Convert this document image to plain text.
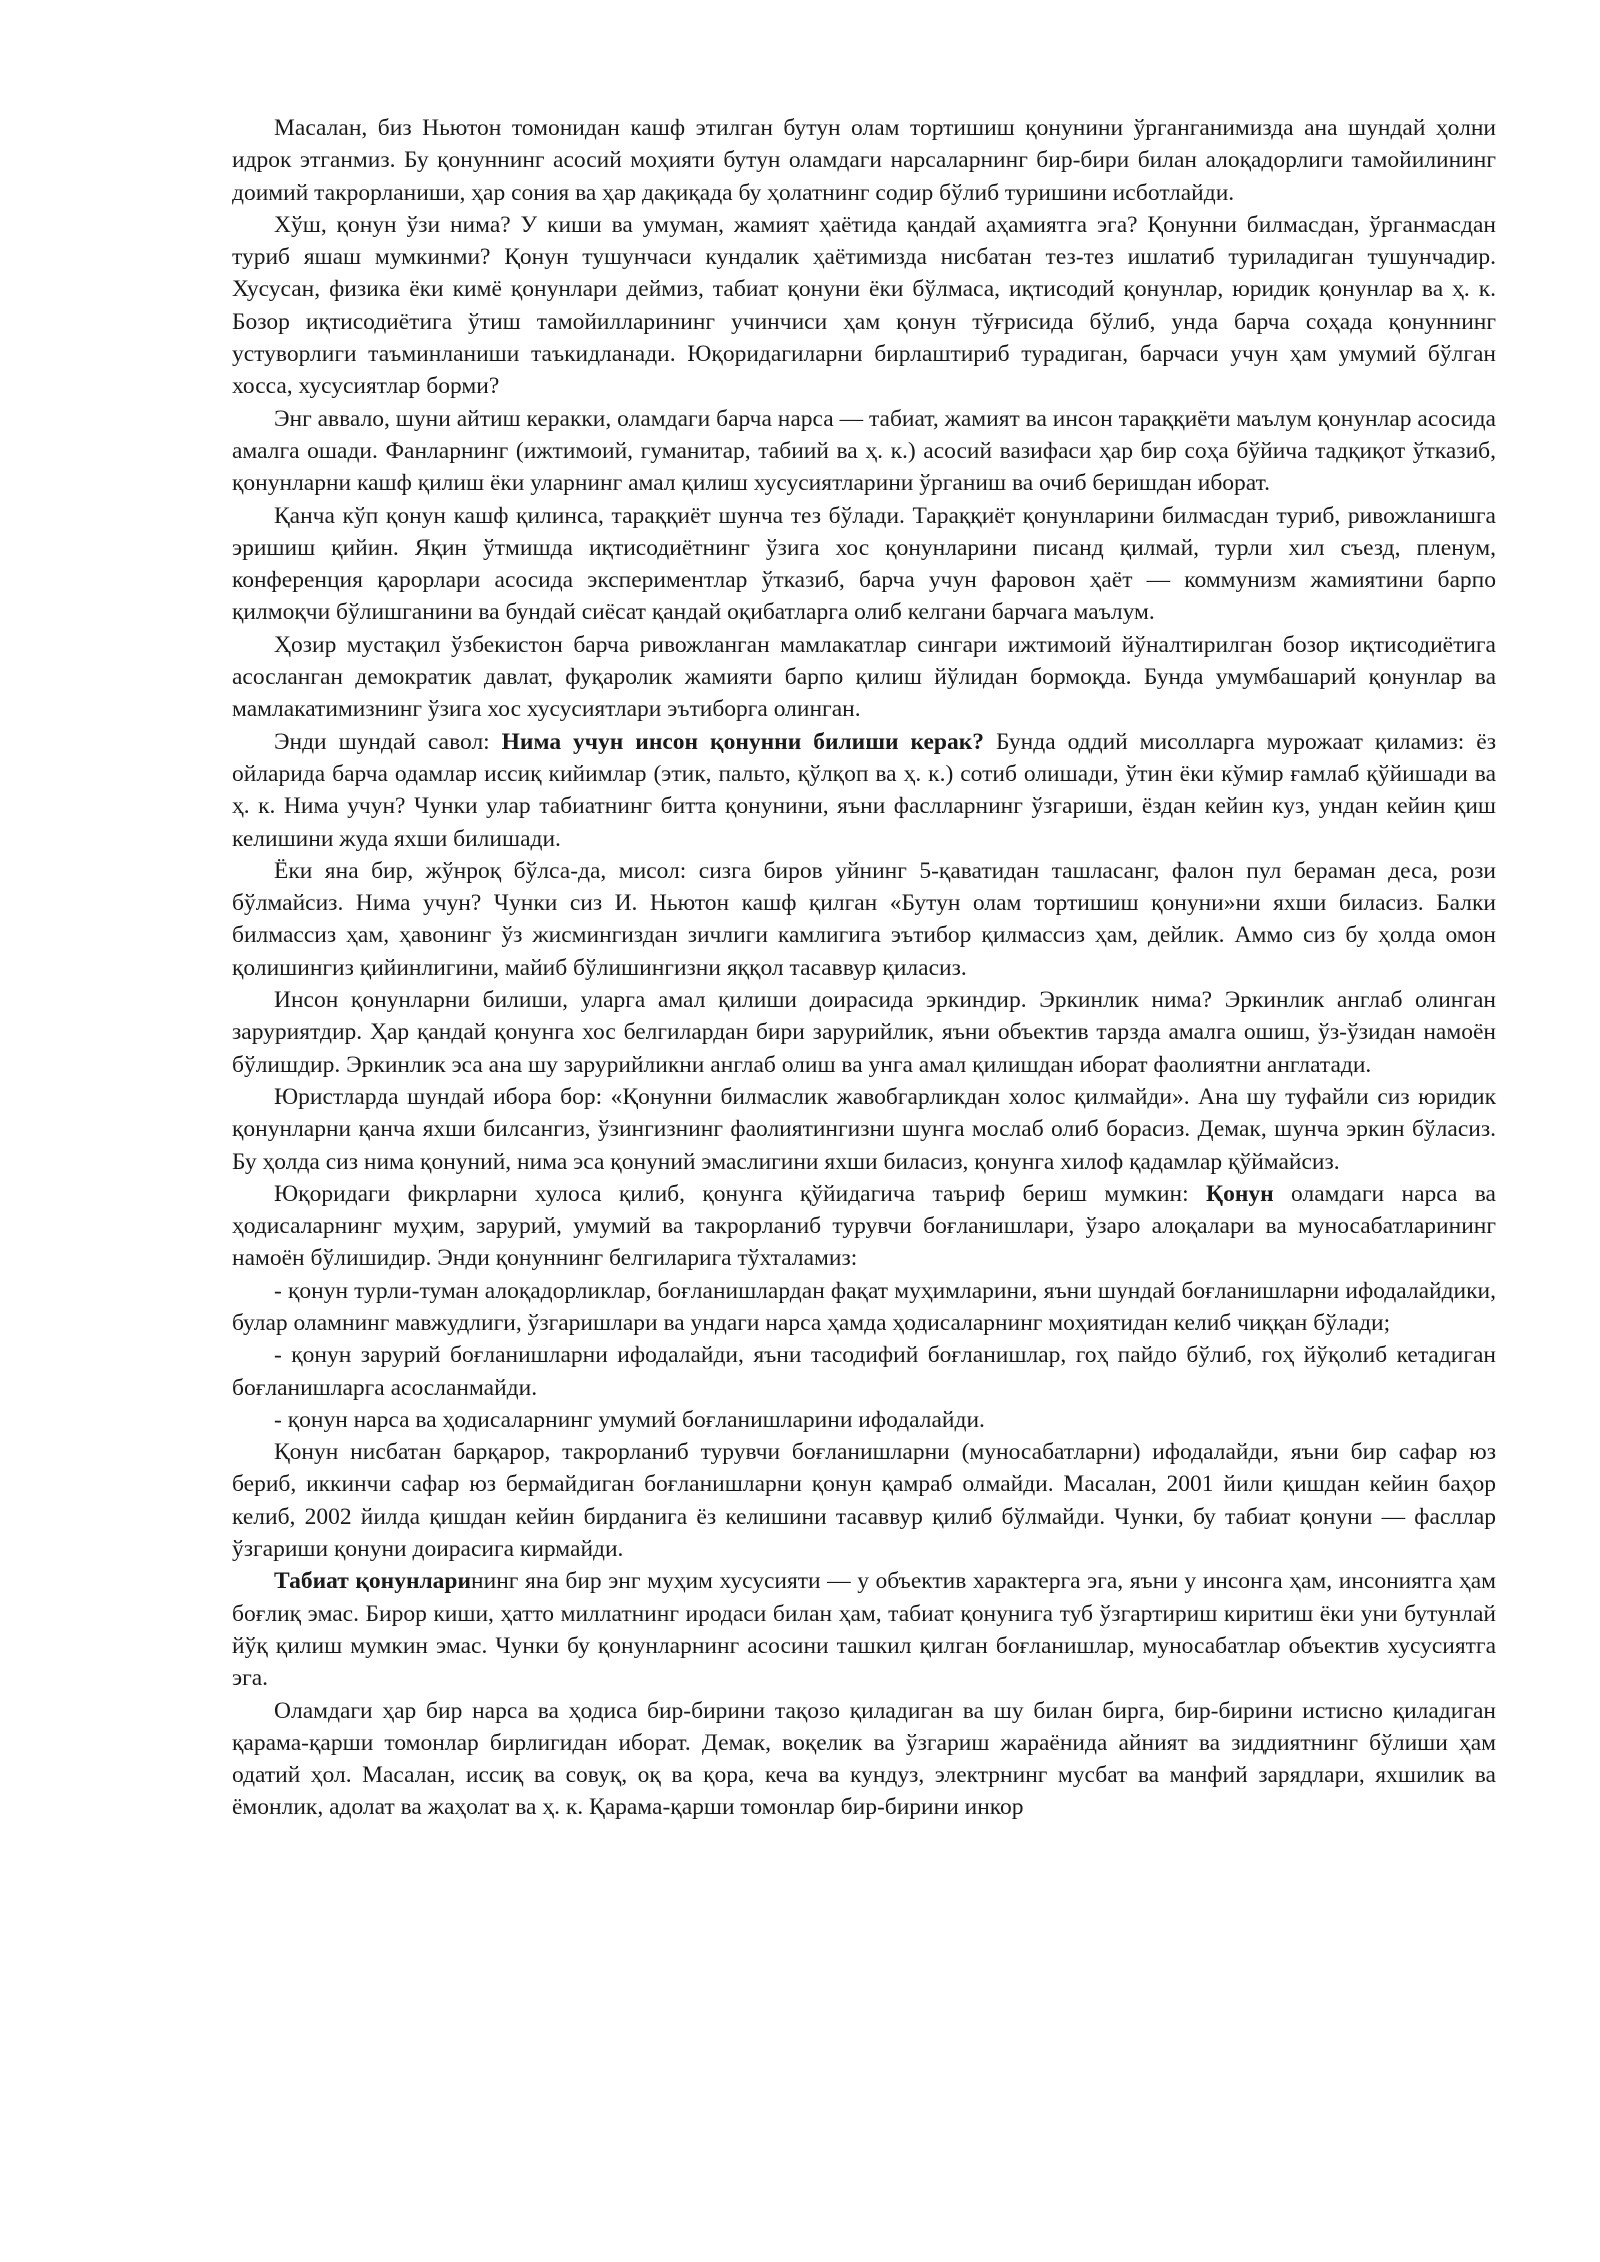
Масалан, биз Ньютон томонидан кашф этилган бутун олам тортишиш қонунини ўрганганимизда ана шундай ҳолни идрок этганмиз. Бу қонуннинг асосий моҳияти бутун оламдаги нарсаларнинг бир-бири билан алоқадорлиги тамойилининг доимий такрорланиши, ҳар сония ва ҳар дақиқада бу ҳолатнинг содир бўлиб туришини исботлайди.

Хўш, қонун ўзи нима? У киши ва умуман, жамият ҳаётида қандай аҳамиятга эга? Қонунни билмасдан, ўрганмасдан туриб яшаш мумкинми? Қонун тушунчаси кундалик ҳаётимизда нисбатан тез-тез ишлатиб туриладиган тушунчадир. Хусусан, физика ёки кимё қонунлари деймиз, табиат қонуни ёки бўлмаса, иқтисодий қонунлар, юридик қонунлар ва ҳ. к. Бозор иқтисодиётига ўтиш тамойилларининг учинчиси ҳам қонун тўғрисида бўлиб, унда барча соҳада қонуннинг устуворлиги таъминланиши таъкидланади. Юқоридагиларни бирлаштириб турадиган, барчаси учун ҳам умумий бўлган хосса, хусусиятлар борми?

Энг аввало, шуни айтиш керакки, оламдаги барча нарса — табиат, жамият ва инсон тараққиёти маълум қонунлар асосида амалга ошади. Фанларнинг (ижтимоий, гуманитар, табиий ва ҳ. к.) асосий вазифаси ҳар бир соҳа бўйича тадқиқот ўтказиб, қонунларни кашф қилиш ёки уларнинг амал қилиш хусусиятларини ўрганиш ва очиб беришдан иборат.

Қанча кўп қонун кашф қилинса, тараққиёт шунча тез бўлади. Тараққиёт қонунларини билмасдан туриб, ривожланишга эришиш қийин. Яқин ўтмишда иқтисодиётнинг ўзига хос қонунларини писанд қилмай, турли хил съезд, пленум, конференция қарорлари асосида экспериментлар ўтказиб, барча учун фаровон ҳаёт — коммунизм жамиятини барпо қилмоқчи бўлишганини ва бундай сиёсат қандай оқибатларга олиб келгани барчага маълум.

Ҳозир мустақил ўзбекистон барча ривожланган мамлакатлар сингари ижтимоий йўналтирилган бозор иқтисодиётига асосланган демократик давлат, фуқаролик жамияти барпо қилиш йўлидан бормоқда. Бунда умумбашарий қонунлар ва мамлакатимизнинг ўзига хос хусусиятлари эътиборга олинган.

Энди шундай савол: Нима учун инсон қонунни билиши керак? Бунда оддий мисолларга мурожаат қиламиз: ёз ойларида барча одамлар иссиқ кийимлар (этик, пальто, қўлқоп ва ҳ. к.) сотиб олишади, ўтин ёки кўмир ғамлаб қўйишади ва ҳ. к. Нима учун? Чунки улар табиатнинг битта қонунини, яъни фаслларнинг ўзгариши, ёздан кейин куз, ундан кейин қиш келишини жуда яхши билишади.

Ёки яна бир, жўнроқ бўлса-да, мисол: сизга биров уйнинг 5-қаватидан ташласанг, фалон пул бераман деса, рози бўлмайсиз. Нима учун? Чунки сиз И. Ньютон кашф қилган «Бутун олам тортишиш қонуни»ни яхши биласиз. Балки билмассиз ҳам, ҳавонинг ўз жисмингиздан зичлиги камлигига эътибор қилмассиз ҳам, дейлик. Аммо сиз бу ҳолда омон қолишингиз қийинлигини, майиб бўлишингизни яққол тасаввур қиласиз.

Инсон қонунларни билиши, уларга амал қилиши доирасида эркиндир. Эркинлик нима? Эркинлик англаб олинган заруриятдир. Ҳар қандай қонунга хос белгилардан бири зарурийлик, яъни объектив тарзда амалга ошиш, ўз-ўзидан намоён бўлишдир. Эркинлик эса ана шу зарурийликни англаб олиш ва унга амал қилишдан иборат фаолиятни англатади.

Юристларда шундай ибора бор: «Қонунни билмаслик жавобгарликдан холос қилмайди». Ана шу туфайли сиз юридик қонунларни қанча яхши билсангиз, ўзингизнинг фаолиятингизни шунга мослаб олиб борасиз. Демак, шунча эркин бўласиз. Бу ҳолда сиз нима қонуний, нима эса қонуний эмаслигини яхши биласиз, қонунга хилоф қадамлар қўймайсиз.

Юқоридаги фикрларни хулоса қилиб, қонунга қўйидагича таъриф бериш мумкин: Қонун оламдаги нарса ва ҳодисаларнинг муҳим, зарурий, умумий ва такрорланиб турувчи боғланишлари, ўзаро алоқалари ва муносабатларининг намоён бўлишидир. Энди қонуннинг белгиларига тўхталамиз:

- қонун турли-туман алоқадорликлар, боғланишлардан фақат муҳимларини, яъни шундай боғланишларни ифодалайдики, булар оламнинг мавжудлиги, ўзгаришлари ва ундаги нарса ҳамда ҳодисаларнинг моҳиятидан келиб чиққан бўлади;

- қонун зарурий боғланишларни ифодалайди, яъни тасодифий боғланишлар, гоҳ пайдо бўлиб, гоҳ йўқолиб кетадиган боғланишларга асосланмайди.

- қонун нарса ва ҳодисаларнинг умумий боғланишларини ифодалайди.

Қонун нисбатан барқарор, такрорланиб турувчи боғланишларни (муносабатларни) ифодалайди, яъни бир сафар юз бериб, иккинчи сафар юз бермайдиган боғланишларни қонун қамраб олмайди. Масалан, 2001 йили қишдан кейин баҳор келиб, 2002 йилда қишдан кейин бирданига ёз келишини тасаввур қилиб бўлмайди. Чунки, бу табиат қонуни — фасллар ўзгариши қонуни доирасига кирмайди.

Табиат қонунларининг яна бир энг муҳим хусусияти — у объектив характерга эга, яъни у инсонга ҳам, инсониятга ҳам боғлиқ эмас. Бирор киши, ҳатто миллатнинг иродаси билан ҳам, табиат қонунига туб ўзгартириш киритиш ёки уни бутунлай йўқ қилиш мумкин эмас. Чунки бу қонунларнинг асосини ташкил қилган боғланишлар, муносабатлар объектив хусусиятга эга.

Оламдаги ҳар бир нарса ва ҳодиса бир-бирини тақозо қиладиган ва шу билан бирга, бир-бирини истисно қиладиган қарама-қарши томонлар бирлигидан иборат. Демак, воқелик ва ўзгариш жараёнида айният ва зиддиятнинг бўлиши ҳам одатий ҳол. Масалан, иссиқ ва совуқ, оқ ва қора, кеча ва кундуз, электрнинг мусбат ва манфий зарядлари, яхшилик ва ёмонлик, адолат ва жаҳолат ва ҳ. к. Қарама-қарши томонлар бир-бирини инкор
